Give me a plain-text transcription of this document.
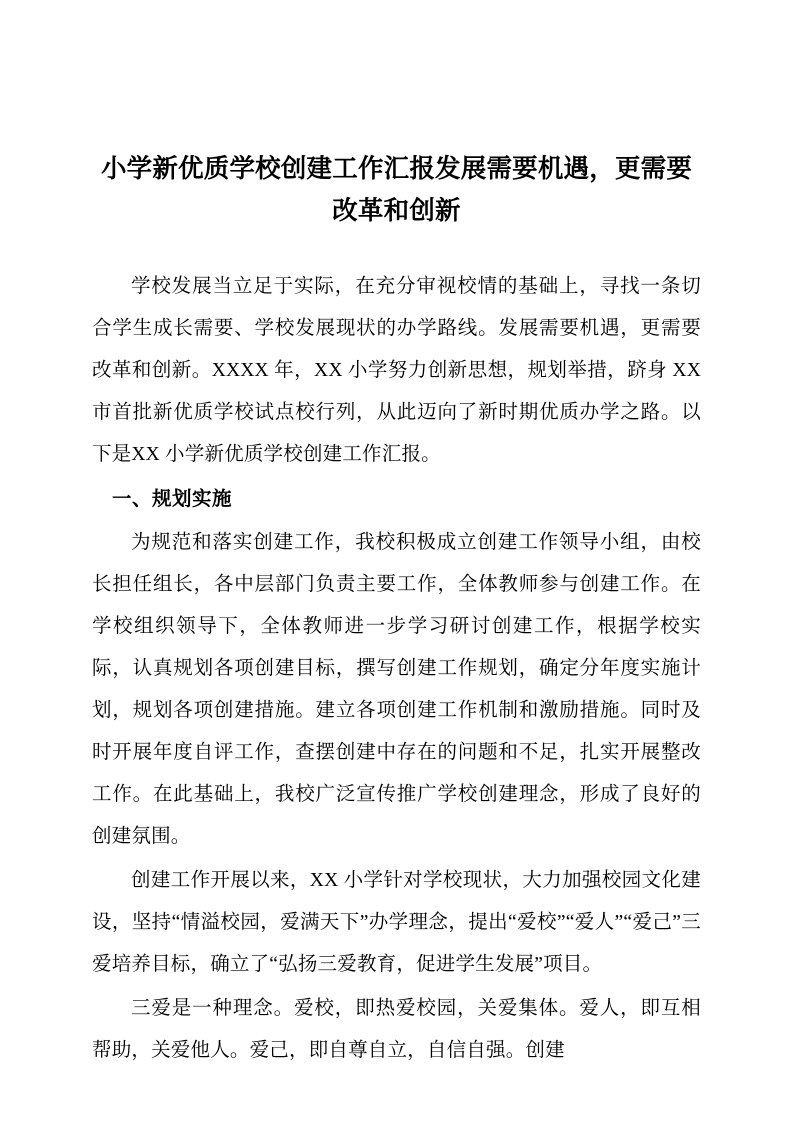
小学新优质学校创建工作汇报发展需要机遇，更需要改革和创新

学校发展当立足于实际，在充分审视校情的基础上，寻找一条切合学生成长需要、学校发展现状的办学路线。发展需要机遇，更需要改革和创新。XXXX 年，XX 小学努力创新思想，规划举措，跻身 XX 市首批新优质学校试点校行列，从此迈向了新时期优质办学之路。以下是XX 小学新优质学校创建工作汇报。

一、规划实施

为规范和落实创建工作，我校积极成立创建工作领导小组，由校长担任组长，各中层部门负责主要工作，全体教师参与创建工作。在学校组织领导下，全体教师进一步学习研讨创建工作，根据学校实际，认真规划各项创建目标，撰写创建工作规划，确定分年度实施计划，规划各项创建措施。建立各项创建工作机制和激励措施。同时及时开展年度自评工作，查摆创建中存在的问题和不足，扎实开展整改工作。在此基础上，我校广泛宣传推广学校创建理念，形成了良好的创建氛围。

创建工作开展以来，XX 小学针对学校现状，大力加强校园文化建设，坚持“情溢校园，爱满天下”办学理念，提出“爱校”“爱人”“爱己”三爱培养目标，确立了“弘扬三爱教育，促进学生发展”项目。

三爱是一种理念。爱校，即热爱校园，关爱集体。爱人，即互相帮助，关爱他人。爱己，即自尊自立，自信自强。创建
